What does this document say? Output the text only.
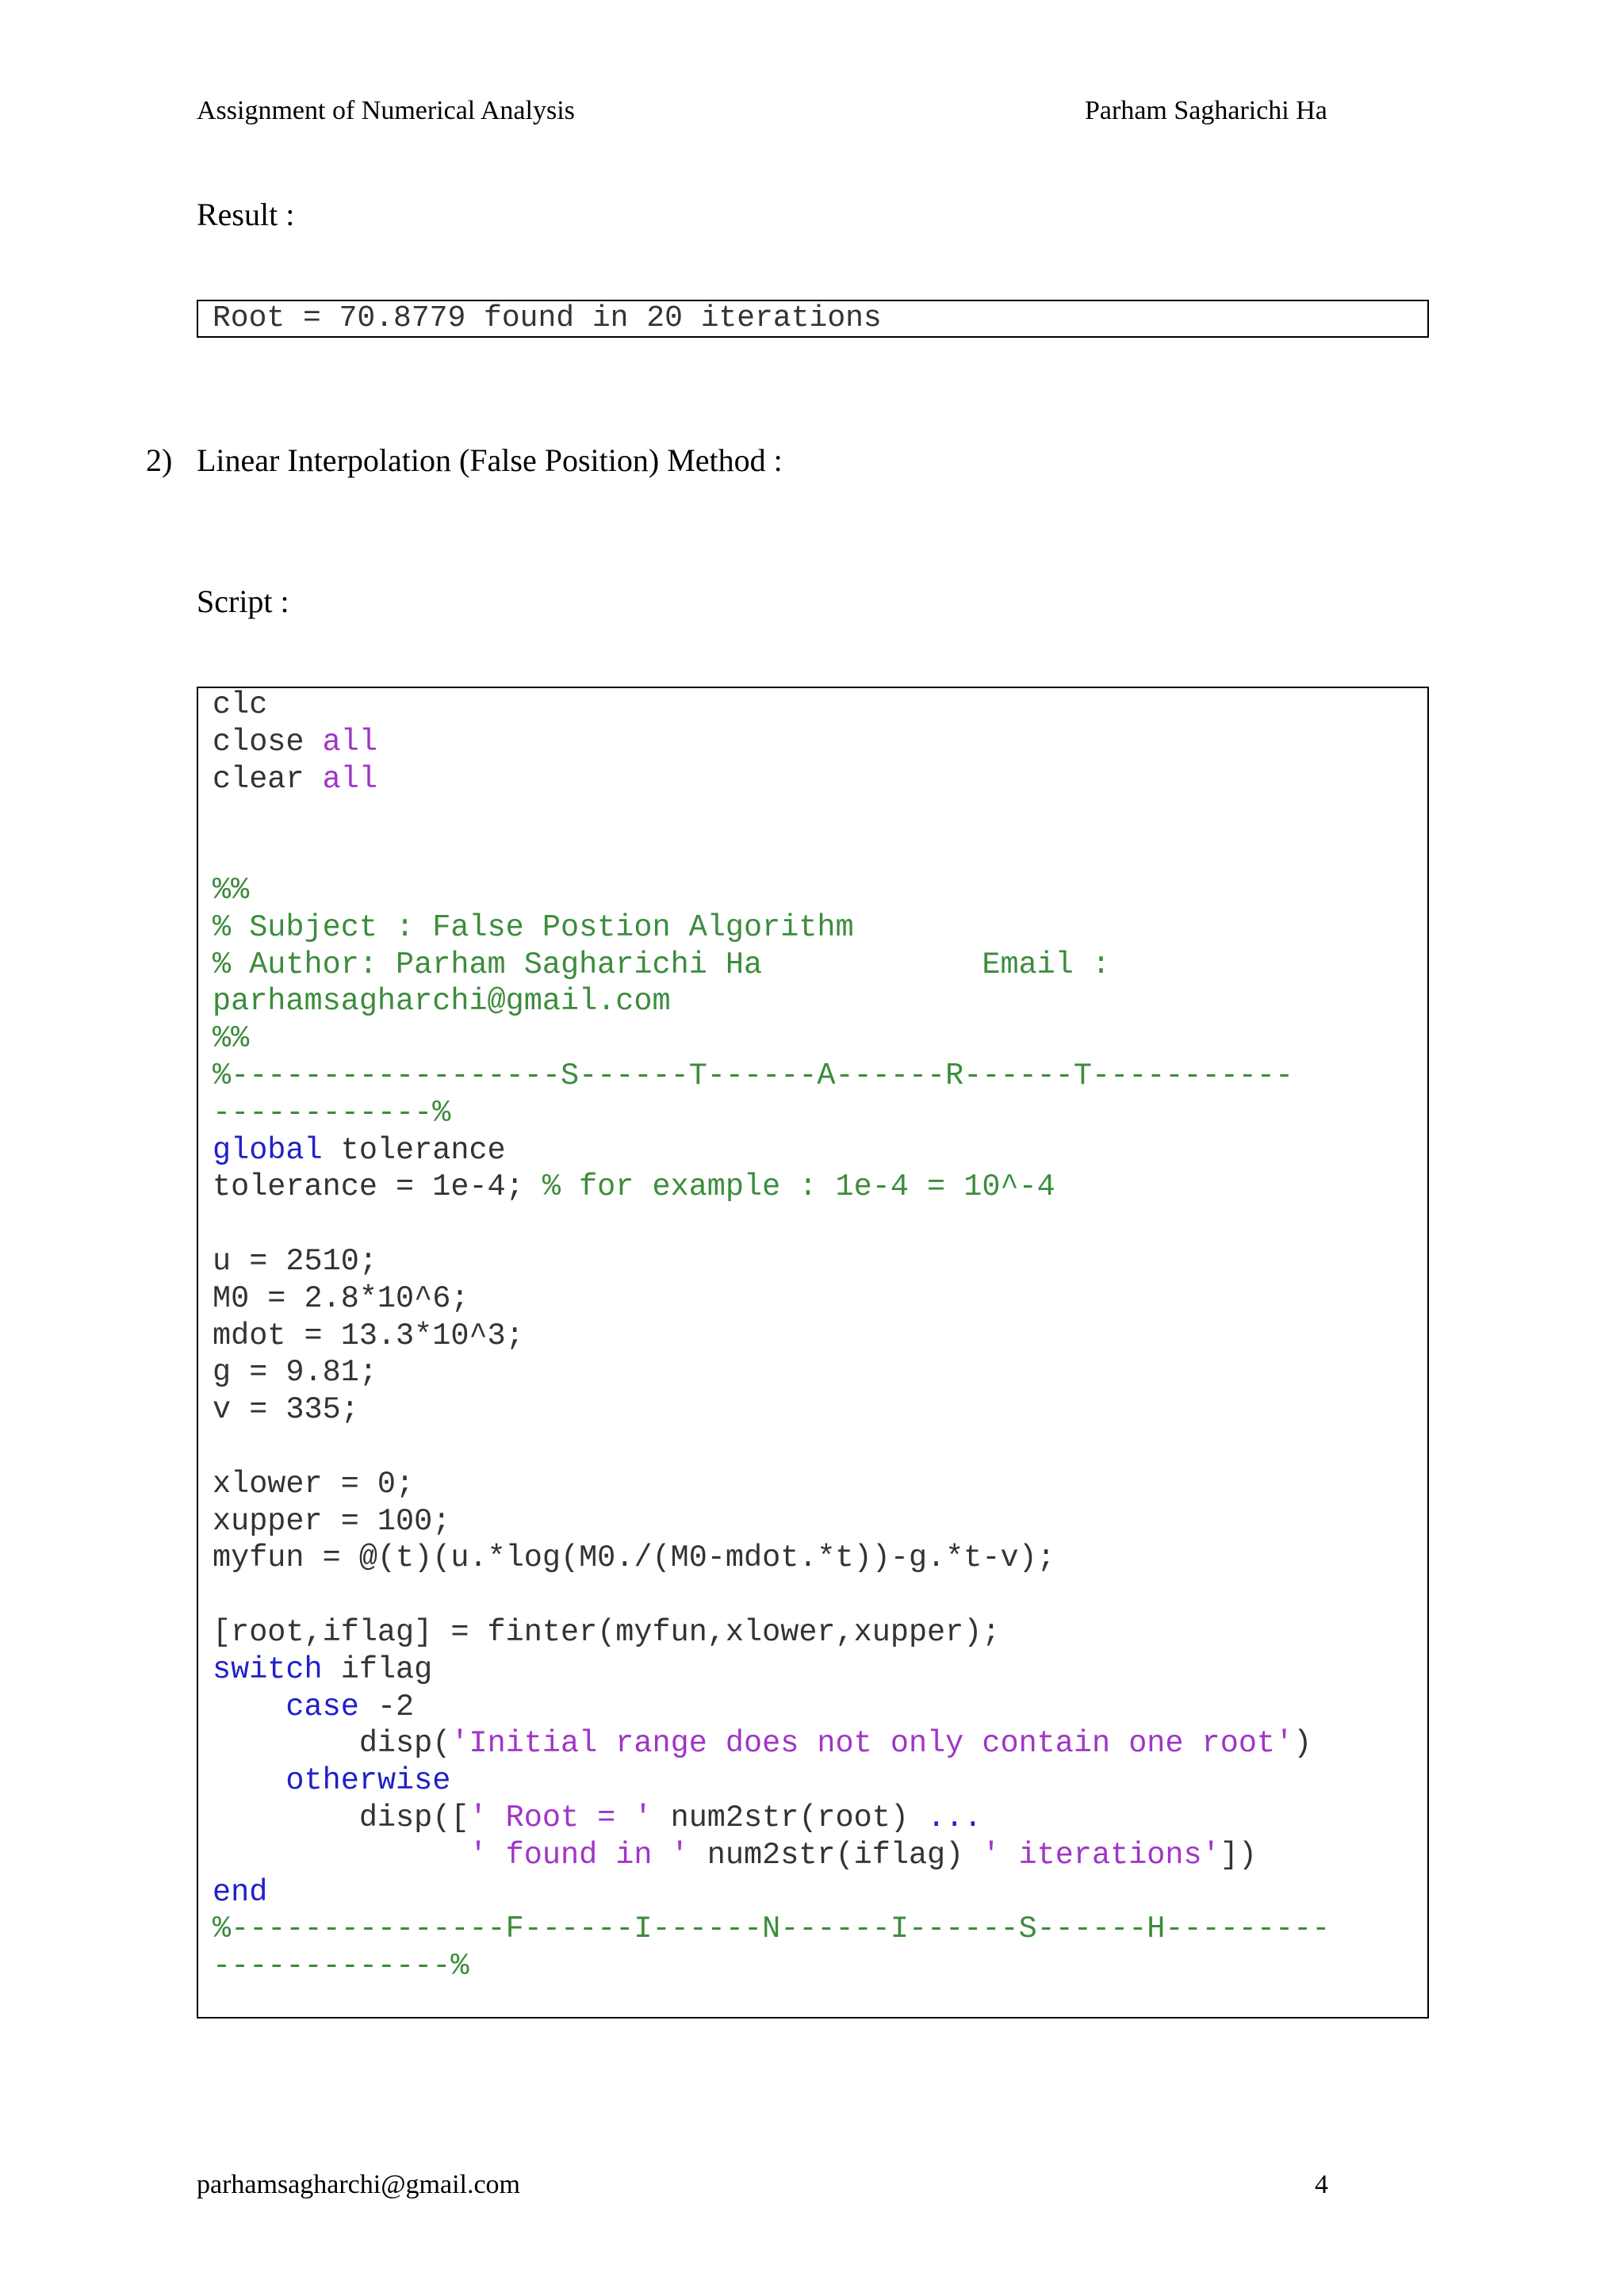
Assignment of Numerical Analysis	Parham Sagharichi Ha
Result :
Root = 70.8779 found in 20 iterations
2) Linear Interpolation (False Position) Method :
Script :
clc
close all
clear all
%%
% Subject : False Postion Algorithm
% Author: Parham Sagharichi Ha            Email :
parhamsagharchi@gmail.com
%%
%------------------S------T------A------R------T-----------
------------%
global tolerance
tolerance = 1e-4; % for example : 1e-4 = 10^-4
u = 2510;
M0 = 2.8*10^6;
mdot = 13.3*10^3;
g = 9.81;
v = 335;
xlower = 0;
xupper = 100;
myfun = @(t)(u.*log(M0./(M0-mdot.*t))-g.*t-v);
[root,iflag] = finter(myfun,xlower,xupper);
switch iflag
case -2
disp('Initial range does not only contain one root')
otherwise
disp([' Root = ' num2str(root) ...
' found in ' num2str(iflag) ' iterations'])
end
%---------------F------I------N------I------S------H---------
-------------%
parhamsagharchi@gmail.com	4
